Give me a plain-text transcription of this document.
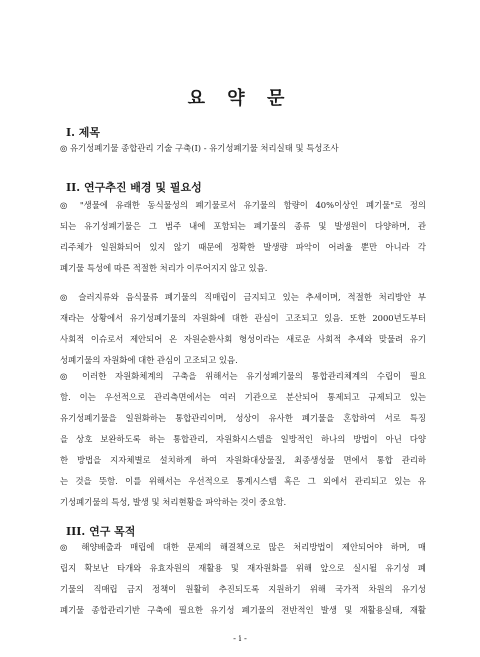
요 약 문
I. 제목
◎ 유기성폐기물 종합관리 기술 구축(I) - 유기성폐기물 처리실태 및 특성조사
II. 연구추진 배경 및 필요성
◎ "생물에 유래한 동식물성의 폐기물로서 유기물의 함량이 40%이상인 폐기물"로 정의
되는 유기성폐기물은 그 범주 내에 포함되는 폐기물의 종류 및 발생원이 다양하며, 관
리주체가 일원화되어 있지 않기 때문에 정확한 발생량 파악이 어려울 뿐만 아니라 각
폐기물 특성에 따른 적절한 처리가 이루어지지 않고 있음.
◎ 슬러지류와 음식물류 폐기물의 직매립이 금지되고 있는 추세이며, 적절한 처리방안 부
재라는 상황에서 유기성폐기물의 자원화에 대한 관심이 고조되고 있음. 또한 2000년도부터
사회적 이슈로서 제안되어 온 자원순환사회 형성이라는 새로운 사회적 추세와 맞물려 유기
성폐기물의 자원화에 대한 관심이 고조되고 있음.
◎ 이러한 자원화체계의 구축을 위해서는 유기성폐기물의 통합관리체계의 수립이 필요
함. 이는 우선적으로 관리측면에서는 여러 기관으로 분산되어 통제되고 규제되고 있는
유기성폐기물을 일원화하는 통합관리이며, 성상이 유사한 폐기물을 혼합하여 서로 특징
을 상호 보완하도록 하는 통합관리, 자원화시스템을 일방적인 하나의 방법이 아닌 다양
한 방법을 지자체별로 설치하게 하여 자원화대상물질, 최종생성물 면에서 통합 관리하
는 것을 뜻함. 이를 위해서는 우선적으로 통계시스템 혹은 그 외에서 관리되고 있는 유
기성폐기물의 특성, 발생 및 처리현황을 파악하는 것이 중요함.
III. 연구 목적
◎ 해양배출과 매립에 대한 문제의 해결책으로 많은 처리방법이 제안되어야 하며, 매
립지 확보난 타개와 유효자원의 재활용 및 재자원화를 위해 앞으로 실시될 유기성 폐
기물의 직매립 금지 정책이 원활히 추진되도록 지원하기 위해 국가적 차원의 유기성
폐기물 종합관리기반 구축에 필요한 유기성 폐기물의 전반적인 발생 및 재활용실태, 재활
- i -
